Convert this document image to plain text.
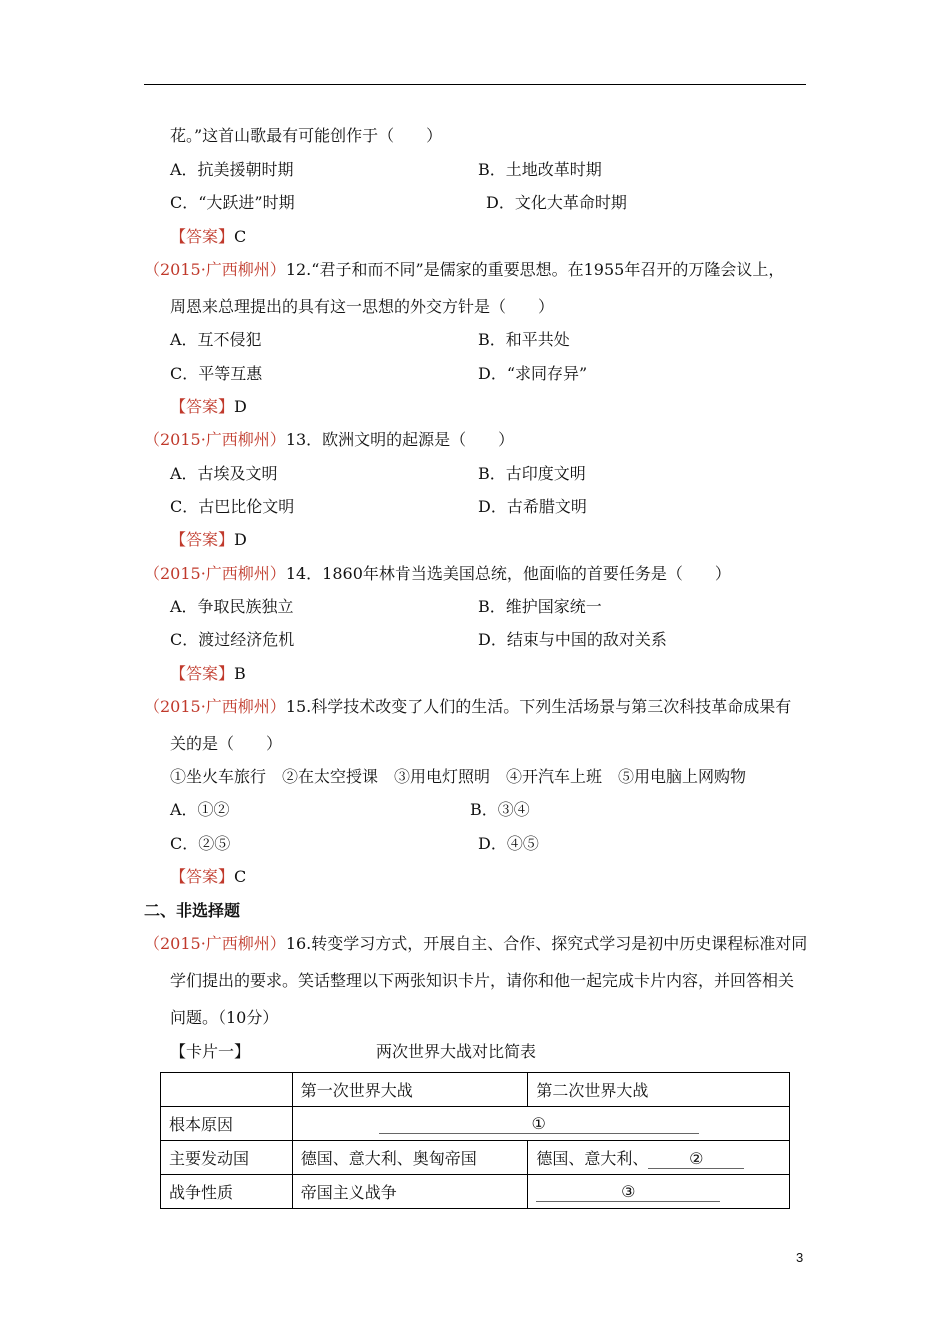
花。”这首山歌最有可能创作于（　　）
A．抗美援朝时期	B．土地改革时期
C．“大跃进”时期	D．文化大革命时期
【答案】C
（2015·广西柳州）12.“君子和而不同”是儒家的重要思想。在1955年召开的万隆会议上，
周恩来总理提出的具有这一思想的外交方针是（　　）
A．互不侵犯	B．和平共处
C．平等互惠	D．“求同存异”
【答案】D
（2015·广西柳州）13．欧洲文明的起源是（　　）
A．古埃及文明	B．古印度文明
C．古巴比伦文明	D．古希腊文明
【答案】D
（2015·广西柳州）14．1860年林肯当选美国总统，他面临的首要任务是（　　）
A．争取民族独立	B．维护国家统一
C．渡过经济危机	D．结束与中国的敌对关系
【答案】B
（2015·广西柳州）15.科学技术改变了人们的生活。下列生活场景与第三次科技革命成果有
关的是（　　）
①坐火车旅行　②在太空授课　③用电灯照明　④开汽车上班　⑤用电脑上网购物
A．①②	B．③④
C．②⑤	D．④⑤
【答案】C
二、非选择题
（2015·广西柳州）16.转变学习方式，开展自主、合作、探究式学习是初中历史课程标准对同
学们提出的要求。笑话整理以下两张知识卡片，请你和他一起完成卡片内容，并回答相关
问题。（10分）
【卡片一】	两次世界大战对比简表
	第一次世界大战	第二次世界大战
根本原因	①	
主要发动国	德国、意大利、奥匈帝国	德国、意大利、 ②
战争性质	帝国主义战争	③
3
